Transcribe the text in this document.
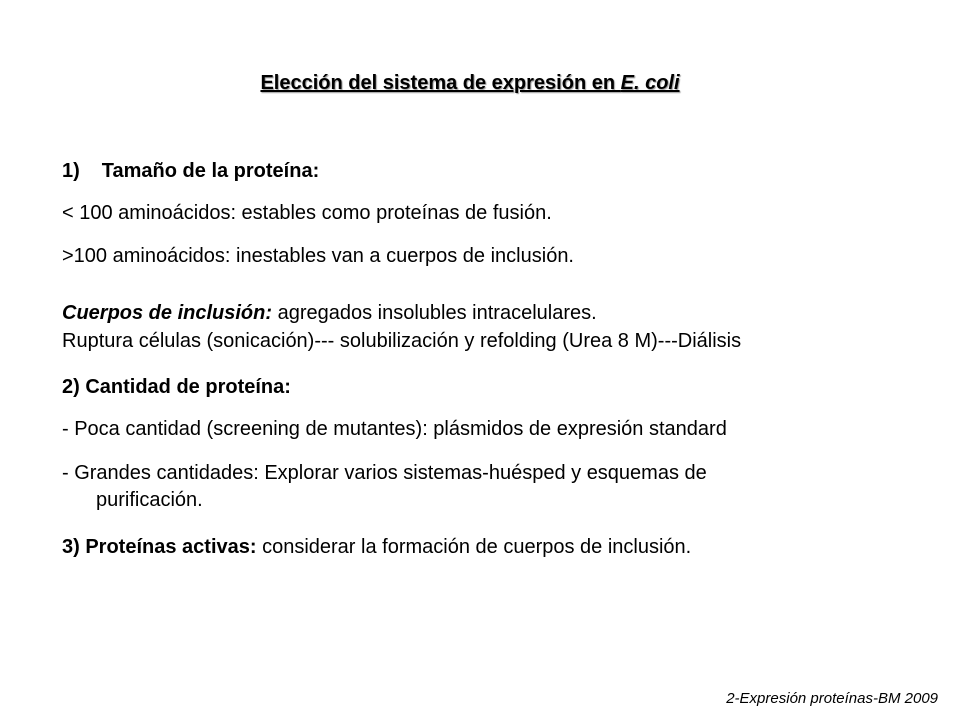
Elección del sistema de expresión en E. coli
1) Tamaño de la proteína:
< 100 aminoácidos: estables como proteínas de fusión.
>100 aminoácidos: inestables van a cuerpos de inclusión.
Cuerpos de inclusión: agregados insolubles intracelulares.
Ruptura células (sonicación)--- solubilización y refolding (Urea 8 M)---Diálisis
2) Cantidad de proteína:
- Poca cantidad (screening de mutantes): plásmidos de expresión standard
- Grandes cantidades: Explorar varios sistemas-huésped y esquemas de
purificación.
3) Proteínas activas: considerar la formación de cuerpos de inclusión.
2-Expresión proteínas-BM 2009
